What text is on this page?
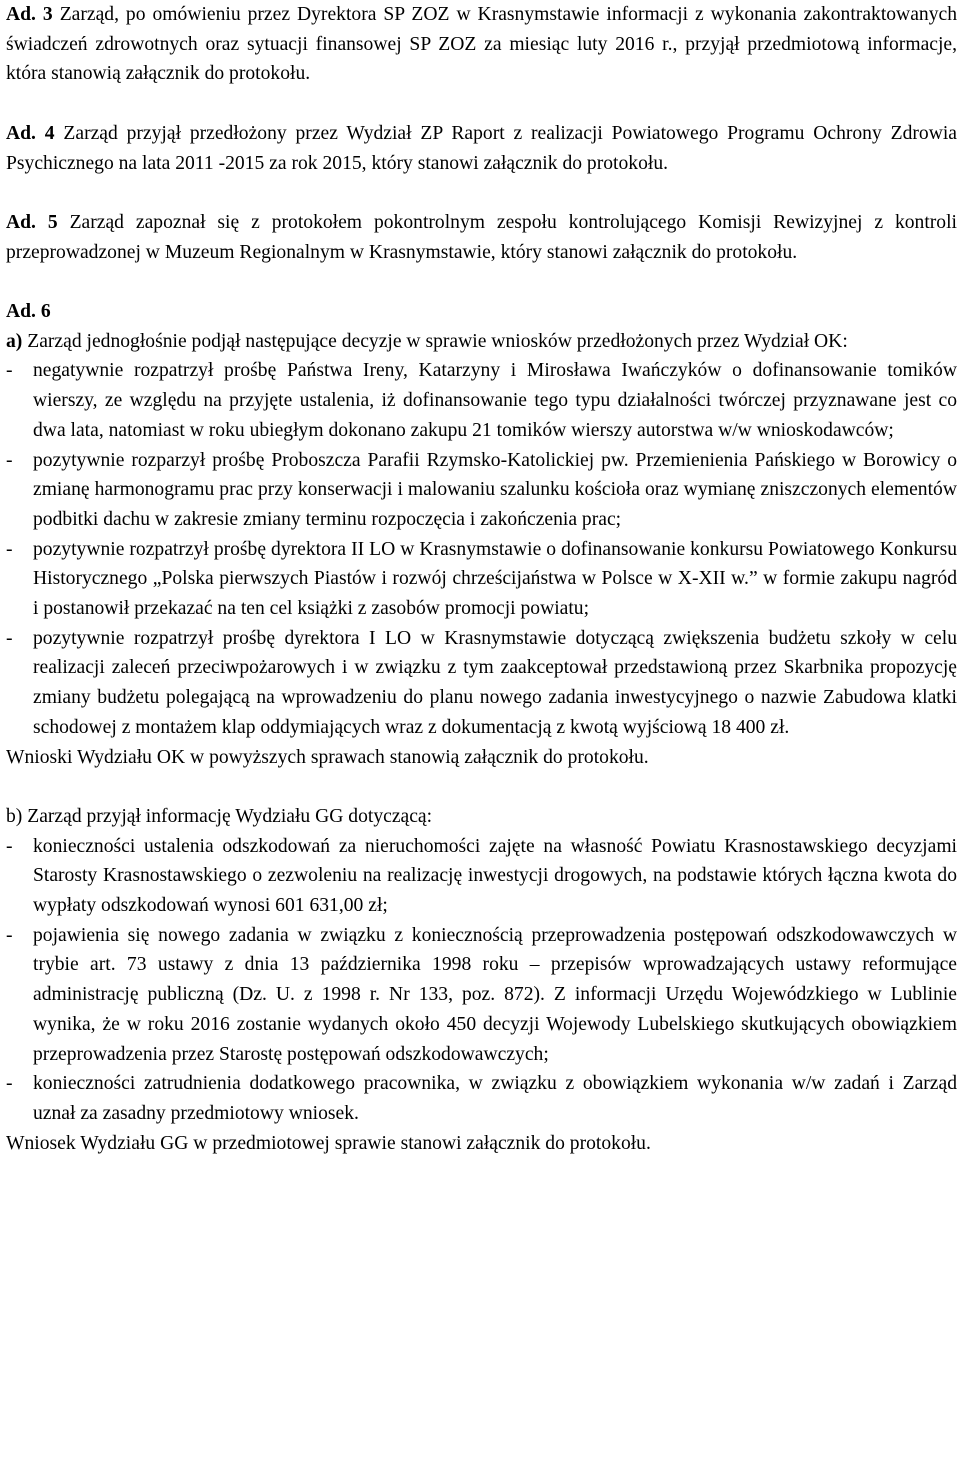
Ad. 3 Zarząd, po omówieniu przez Dyrektora SP ZOZ w Krasnymstawie informacji z wykonania zakontraktowanych świadczeń zdrowotnych oraz sytuacji finansowej SP ZOZ za miesiąc luty 2016 r., przyjął przedmiotową informacje, która stanowią załącznik do protokołu.

Ad. 4 Zarząd przyjął przedłożony przez Wydział ZP Raport z realizacji Powiatowego Programu Ochrony Zdrowia Psychicznego na lata 2011 -2015 za rok 2015, który stanowi załącznik do protokołu.

Ad. 5 Zarząd zapoznał się z protokołem pokontrolnym zespołu kontrolującego Komisji Rewizyjnej z kontroli przeprowadzonej w Muzeum Regionalnym w Krasnymstawie, który stanowi załącznik do protokołu.

Ad. 6

a) Zarząd jednogłośnie podjął następujące decyzje w sprawie wniosków przedłożonych przez Wydział OK:

-	negatywnie rozpatrzył prośbę Państwa Ireny, Katarzyny i Mirosława Iwańczyków o dofinansowanie tomików wierszy, ze względu na przyjęte ustalenia, iż dofinansowanie tego typu działalności twórczej przyznawane jest co dwa lata, natomiast w roku ubiegłym dokonano zakupu 21 tomików wierszy autorstwa w/w wnioskodawców;
-	pozytywnie rozparzył prośbę Proboszcza Parafii Rzymsko-Katolickiej pw. Przemienienia Pańskiego w Borowicy o zmianę harmonogramu prac przy konserwacji i malowaniu szalunku kościoła oraz wymianę zniszczonych elementów podbitki dachu w zakresie zmiany terminu rozpoczęcia i zakończenia prac;
-	pozytywnie rozpatrzył prośbę dyrektora II LO w Krasnymstawie o dofinansowanie konkursu Powiatowego Konkursu Historycznego „Polska pierwszych Piastów i rozwój chrześcijaństwa w Polsce w X-XII w.” w formie zakupu nagród i postanowił przekazać na ten cel książki z zasobów promocji powiatu;
-	pozytywnie rozpatrzył prośbę dyrektora I LO w Krasnymstawie dotyczącą zwiększenia budżetu szkoły w celu realizacji zaleceń przeciwpożarowych i w związku z tym zaakceptował przedstawioną przez Skarbnika propozycję zmiany budżetu polegającą na wprowadzeniu do planu nowego zadania inwestycyjnego o nazwie Zabudowa klatki schodowej z montażem klap oddymiających wraz z dokumentacją z kwotą wyjściową 18 400 zł.

Wnioski Wydziału OK w powyższych sprawach stanowią załącznik do protokołu.

b) Zarząd przyjął informację Wydziału GG dotyczącą:

-	konieczności ustalenia odszkodowań za nieruchomości zajęte na własność Powiatu Krasnostawskiego decyzjami Starosty Krasnostawskiego o zezwoleniu na realizację inwestycji drogowych, na podstawie których łączna kwota do wypłaty odszkodowań wynosi 601 631,00 zł;
-	pojawienia się nowego zadania w związku z koniecznością przeprowadzenia postępowań odszkodowawczych w trybie art. 73 ustawy z dnia 13 października 1998 roku – przepisów wprowadzających ustawy reformujące administrację publiczną (Dz. U. z 1998 r. Nr 133, poz. 872). Z informacji Urzędu Wojewódzkiego w Lublinie wynika, że w roku 2016 zostanie wydanych około 450 decyzji Wojewody Lubelskiego skutkujących obowiązkiem przeprowadzenia przez Starostę postępowań odszkodowawczych;
-	konieczności zatrudnienia dodatkowego pracownika, w związku z obowiązkiem wykonania w/w zadań i Zarząd uznał za zasadny przedmiotowy wniosek.

Wniosek Wydziału GG w przedmiotowej sprawie stanowi załącznik do protokołu.
